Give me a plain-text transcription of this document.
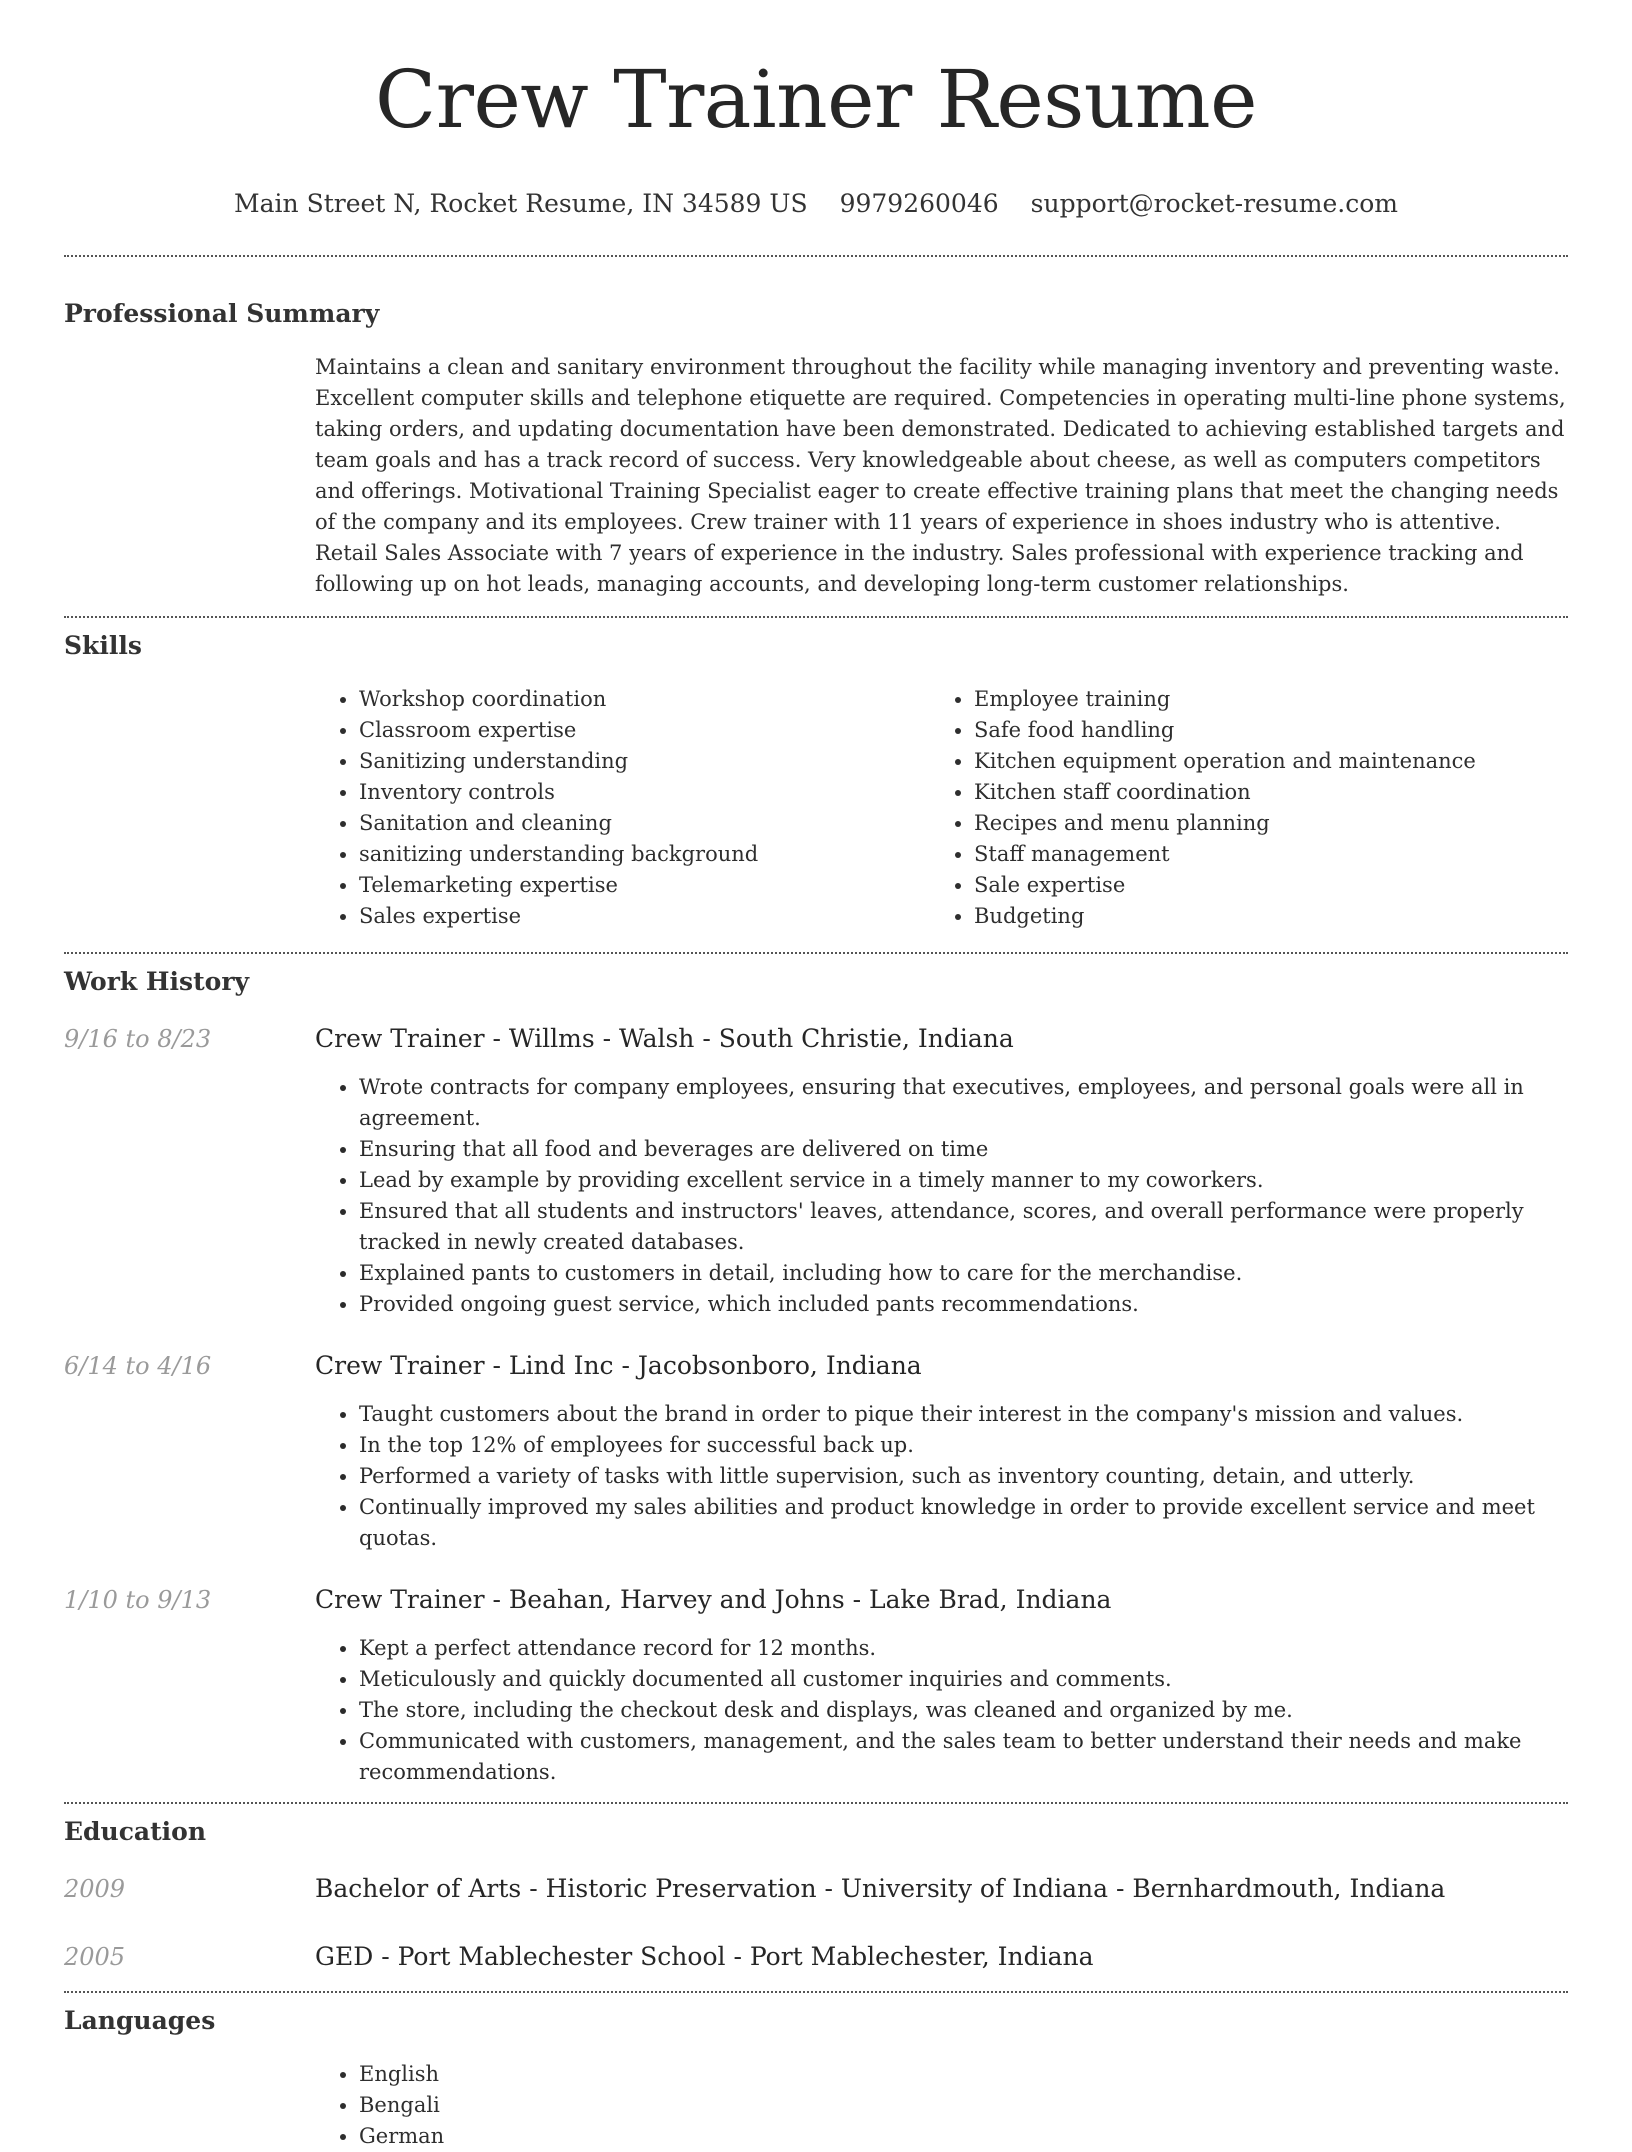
Crew Trainer Resume
Main Street N, Rocket Resume, IN 34589 US 9979260046 support@rocket-resume.com
Professional Summary
Maintains a clean and sanitary environment throughout the facility while managing inventory and preventing waste. Excellent computer skills and telephone etiquette are required. Competencies in operating multi-line phone systems, taking orders, and updating documentation have been demonstrated. Dedicated to achieving established targets and team goals and has a track record of success. Very knowledgeable about cheese, as well as computers competitors and offerings. Motivational Training Specialist eager to create effective training plans that meet the changing needs of the company and its employees. Crew trainer with 11 years of experience in shoes industry who is attentive. Retail Sales Associate with 7 years of experience in the industry. Sales professional with experience tracking and following up on hot leads, managing accounts, and developing long-term customer relationships.
Skills
• Workshop coordination
• Classroom expertise
• Sanitizing understanding
• Inventory controls
• Sanitation and cleaning
• sanitizing understanding background
• Telemarketing expertise
• Sales expertise
• Employee training
• Safe food handling
• Kitchen equipment operation and maintenance
• Kitchen staff coordination
• Recipes and menu planning
• Staff management
• Sale expertise
• Budgeting
Work History
9/16 to 8/23	Crew Trainer - Willms - Walsh - South Christie, Indiana
• Wrote contracts for company employees, ensuring that executives, employees, and personal goals were all in agreement.
• Ensuring that all food and beverages are delivered on time
• Lead by example by providing excellent service in a timely manner to my coworkers.
• Ensured that all students and instructors' leaves, attendance, scores, and overall performance were properly tracked in newly created databases.
• Explained pants to customers in detail, including how to care for the merchandise.
• Provided ongoing guest service, which included pants recommendations.
6/14 to 4/16	Crew Trainer - Lind Inc - Jacobsonboro, Indiana
• Taught customers about the brand in order to pique their interest in the company's mission and values.
• In the top 12% of employees for successful back up.
• Performed a variety of tasks with little supervision, such as inventory counting, detain, and utterly.
• Continually improved my sales abilities and product knowledge in order to provide excellent service and meet quotas.
1/10 to 9/13	Crew Trainer - Beahan, Harvey and Johns - Lake Brad, Indiana
• Kept a perfect attendance record for 12 months.
• Meticulously and quickly documented all customer inquiries and comments.
• The store, including the checkout desk and displays, was cleaned and organized by me.
• Communicated with customers, management, and the sales team to better understand their needs and make recommendations.
Education
2009	Bachelor of Arts - Historic Preservation - University of Indiana - Bernhardmouth, Indiana
2005	GED - Port Mablechester School - Port Mablechester, Indiana
Languages
• English
• Bengali
• German
